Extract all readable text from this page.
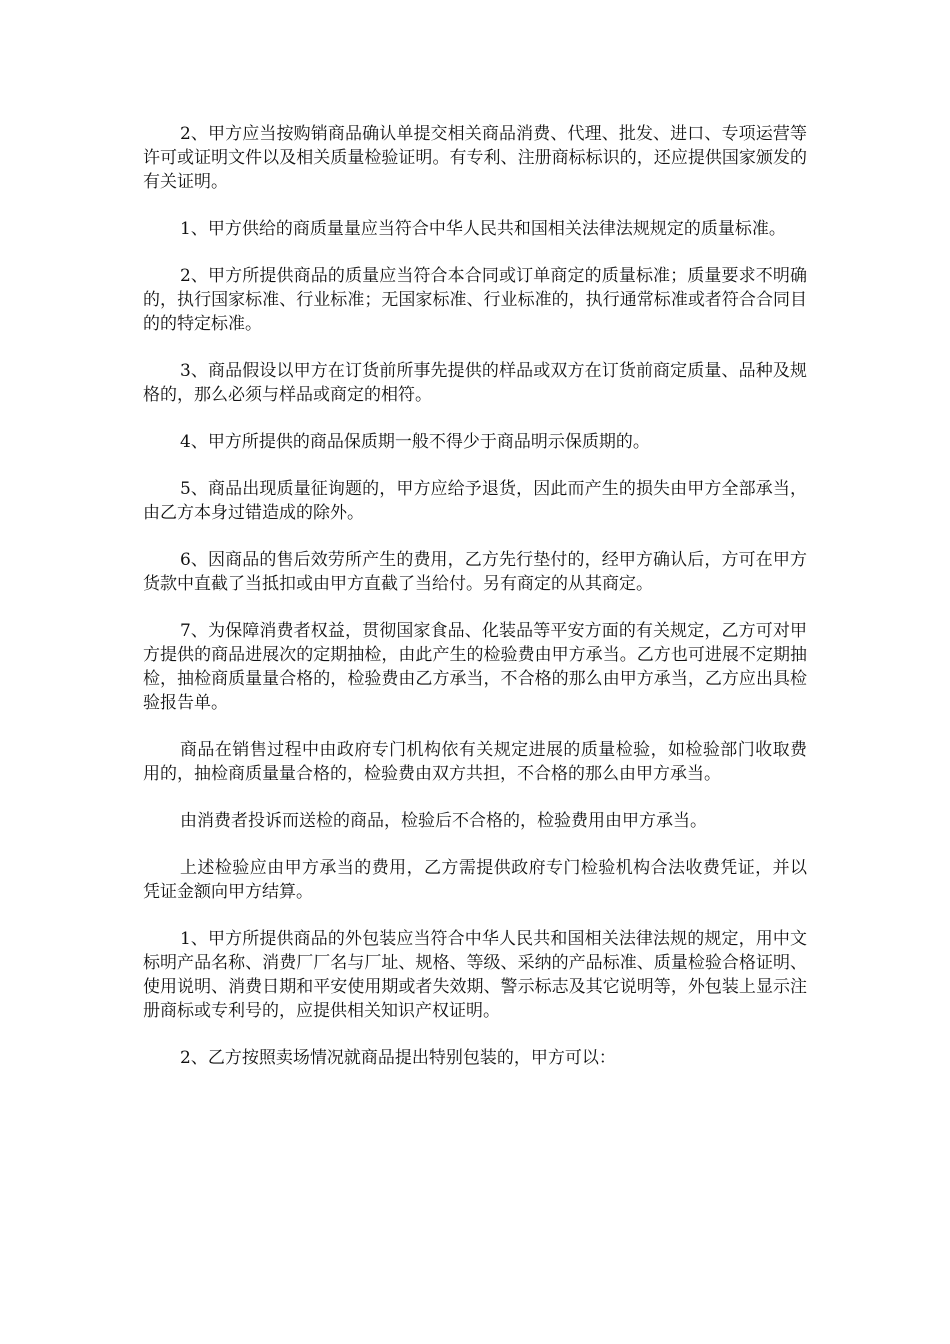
2、甲方应当按购销商品确认单提交相关商品消费、代理、批发、进口、专项运营等许可或证明文件以及相关质量检验证明。有专利、注册商标标识的，还应提供国家颁发的有关证明。

1、甲方供给的商质量量应当符合中华人民共和国相关法律法规规定的质量标准。

2、甲方所提供商品的质量应当符合本合同或订单商定的质量标准；质量要求不明确的，执行国家标准、行业标准；无国家标准、行业标准的，执行通常标准或者符合合同目的的特定标准。

3、商品假设以甲方在订货前所事先提供的样品或双方在订货前商定质量、品种及规格的，那么必须与样品或商定的相符。

4、甲方所提供的商品保质期一般不得少于商品明示保质期的。

5、商品出现质量征询题的，甲方应给予退货，因此而产生的损失由甲方全部承当，由乙方本身过错造成的除外。

6、因商品的售后效劳所产生的费用，乙方先行垫付的，经甲方确认后，方可在甲方货款中直截了当抵扣或由甲方直截了当给付。另有商定的从其商定。

7、为保障消费者权益，贯彻国家食品、化装品等平安方面的有关规定，乙方可对甲方提供的商品进展次的定期抽检，由此产生的检验费由甲方承当。乙方也可进展不定期抽检，抽检商质量量合格的，检验费由乙方承当，不合格的那么由甲方承当，乙方应出具检验报告单。

商品在销售过程中由政府专门机构依有关规定进展的质量检验，如检验部门收取费用的，抽检商质量量合格的，检验费由双方共担，不合格的那么由甲方承当。

由消费者投诉而送检的商品，检验后不合格的，检验费用由甲方承当。

上述检验应由甲方承当的费用，乙方需提供政府专门检验机构合法收费凭证，并以凭证金额向甲方结算。

1、甲方所提供商品的外包装应当符合中华人民共和国相关法律法规的规定，用中文标明产品名称、消费厂厂名与厂址、规格、等级、采纳的产品标准、质量检验合格证明、使用说明、消费日期和平安使用期或者失效期、警示标志及其它说明等，外包装上显示注册商标或专利号的，应提供相关知识产权证明。

2、乙方按照卖场情况就商品提出特别包装的，甲方可以：
